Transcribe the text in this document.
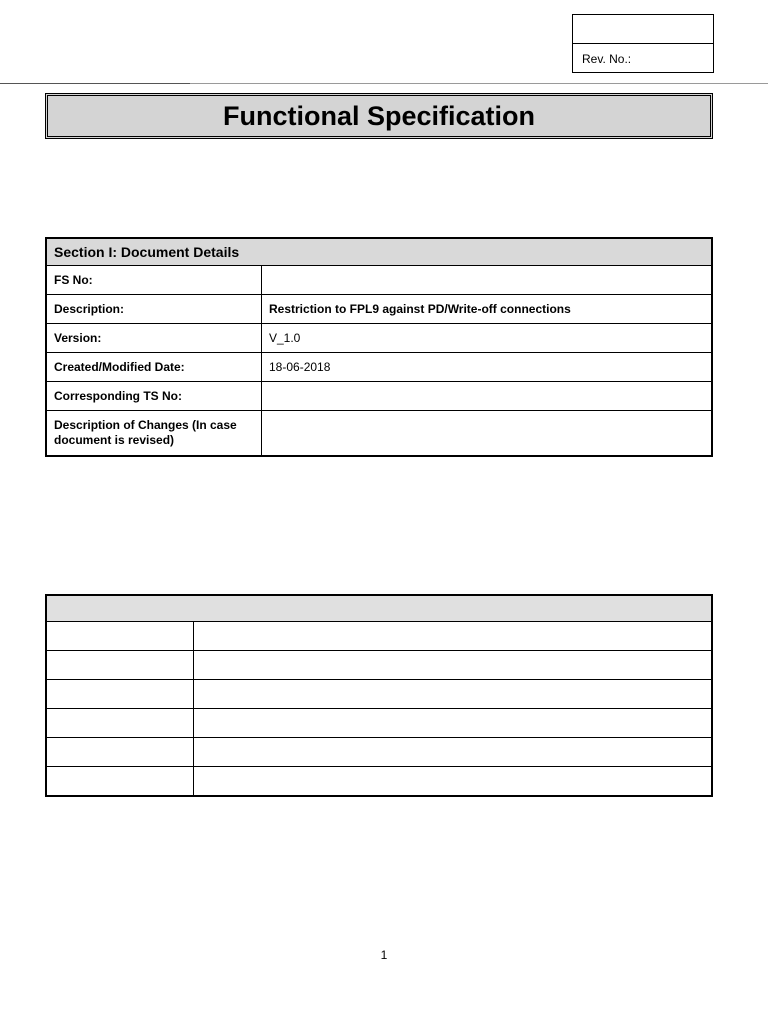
Rev. No.:
Functional Specification
Section I: Document Details	
FS No:	
Description:	Restriction to FPL9 against PD/Write-off connections
Version:	V_1.0
Created/Modified Date:	18-06-2018
Corresponding TS No:	
Description of Changes (In case document is revised)	

1
